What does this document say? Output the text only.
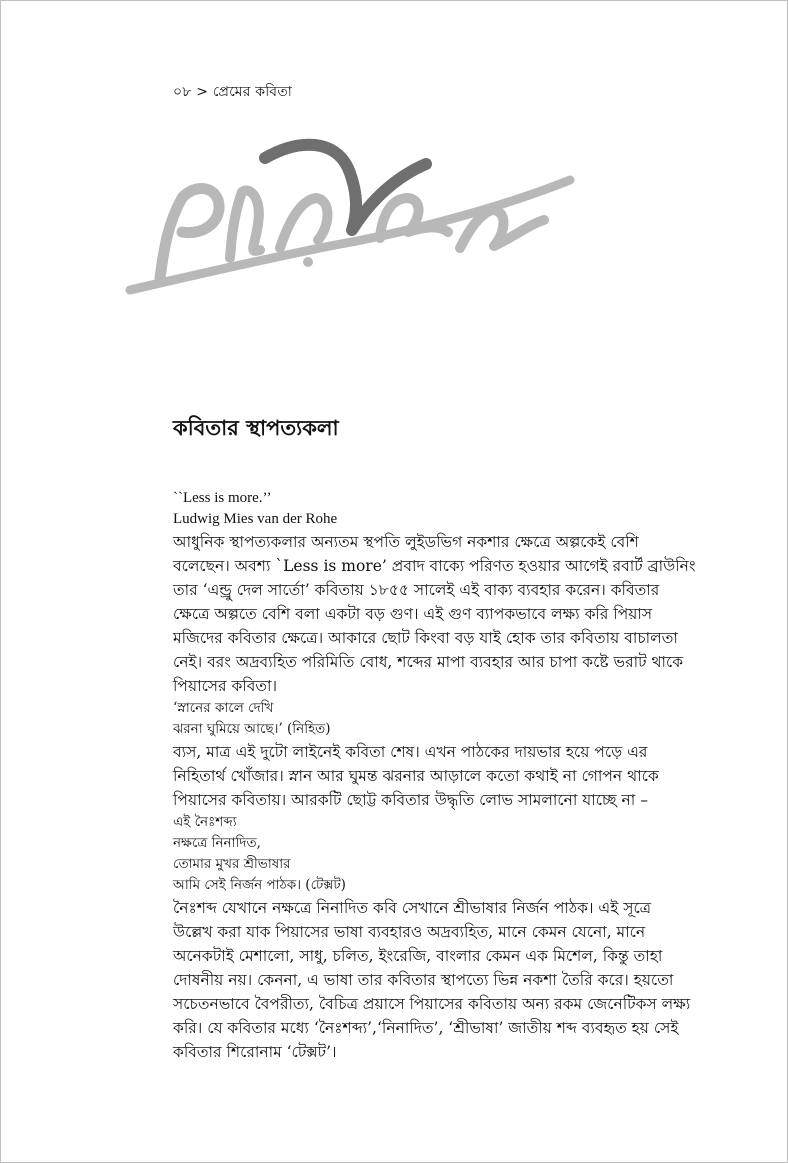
০৮ > প্রেমের কবিতা
কবিতার স্থাপত্যকলা

``Less is more.’’

Ludwig Mies van der Rohe

আধুনিক স্থাপত্যকলার অন্যতম স্থপতি লুইডভিগ নকশার ক্ষেত্রে অল্পকেই বেশি

বলেছেন। অবশ্য `Less is more’ প্রবাদ বাক্যে পরিণত হওয়ার আগেই রবার্ট ব্রাউনিং

তার ‘এন্ড্রু দেল সার্তো’ কবিতায় ১৮৫৫ সালেই এই বাক্য ব্যবহার করেন। কবিতার

ক্ষেত্রে অল্পতে বেশি বলা একটা বড় গুণ। এই গুণ ব্যাপকভাবে লক্ষ্য করি পিয়াস

মজিদের কবিতার ক্ষেত্রে। আকারে ছোট কিংবা বড় যাই হোক তার কবিতায় বাচালতা

নেই। বরং অদ্রব্যহিত পরিমিতি বোধ, শব্দের মাপা ব্যবহার আর চাপা কষ্টে ভরাট থাকে

পিয়াসের কবিতা।

‘স্নানের কালে দেখি

ঝরনা ঘুমিয়ে আছে।’ (নিহিত)

ব্যস, মাত্র এই দুটো লাইনেই কবিতা শেষ। এখন পাঠকের দায়ভার হয়ে পড়ে এর

নিহিতার্থ খোঁজার। স্নান আর ঘুমন্ত ঝরনার আড়ালে কতো কথাই না গোপন থাকে

পিয়াসের কবিতায়। আরকটি ছোট্ট কবিতার উদ্ধৃতি লোভ সামলানো যাচ্ছে না –

এই নৈঃশব্দ্য

নক্ষত্রে নিনাদিত,

তোমার মুখর শ্রীভাষার

আমি সেই নির্জন পাঠক। (টেক্সট)

নৈঃশব্দ যেখানে নক্ষত্রে নিনাদিত কবি সেখানে শ্রীভাষার নির্জন পাঠক। এই সূত্রে

উল্লেখ করা যাক পিয়াসের ভাষা ব্যবহারও অদ্রব্যহিত, মানে কেমন যেনো, মানে

অনেকটাই মেশালো, সাধু, চলিত, ইংরেজি, বাংলার কেমন এক মিশেল, কিন্তু তাহা

দোষনীয় নয়। কেননা, এ ভাষা তার কবিতার স্থাপত্যে ভিন্ন নকশা তৈরি করে। হয়তো

সচেতনভাবে বৈপরীত্য, বৈচিত্র প্রয়াসে পিয়াসের কবিতায় অন্য রকম জেনেটিকস লক্ষ্য

করি। যে কবিতার মধ্যে ‘নৈঃশব্দ্য’,‘নিনাদিত’, ‘শ্রীভাষা’ জাতীয় শব্দ ব্যবহৃত হয় সেই

কবিতার শিরোনাম ‘টেক্সট’।
